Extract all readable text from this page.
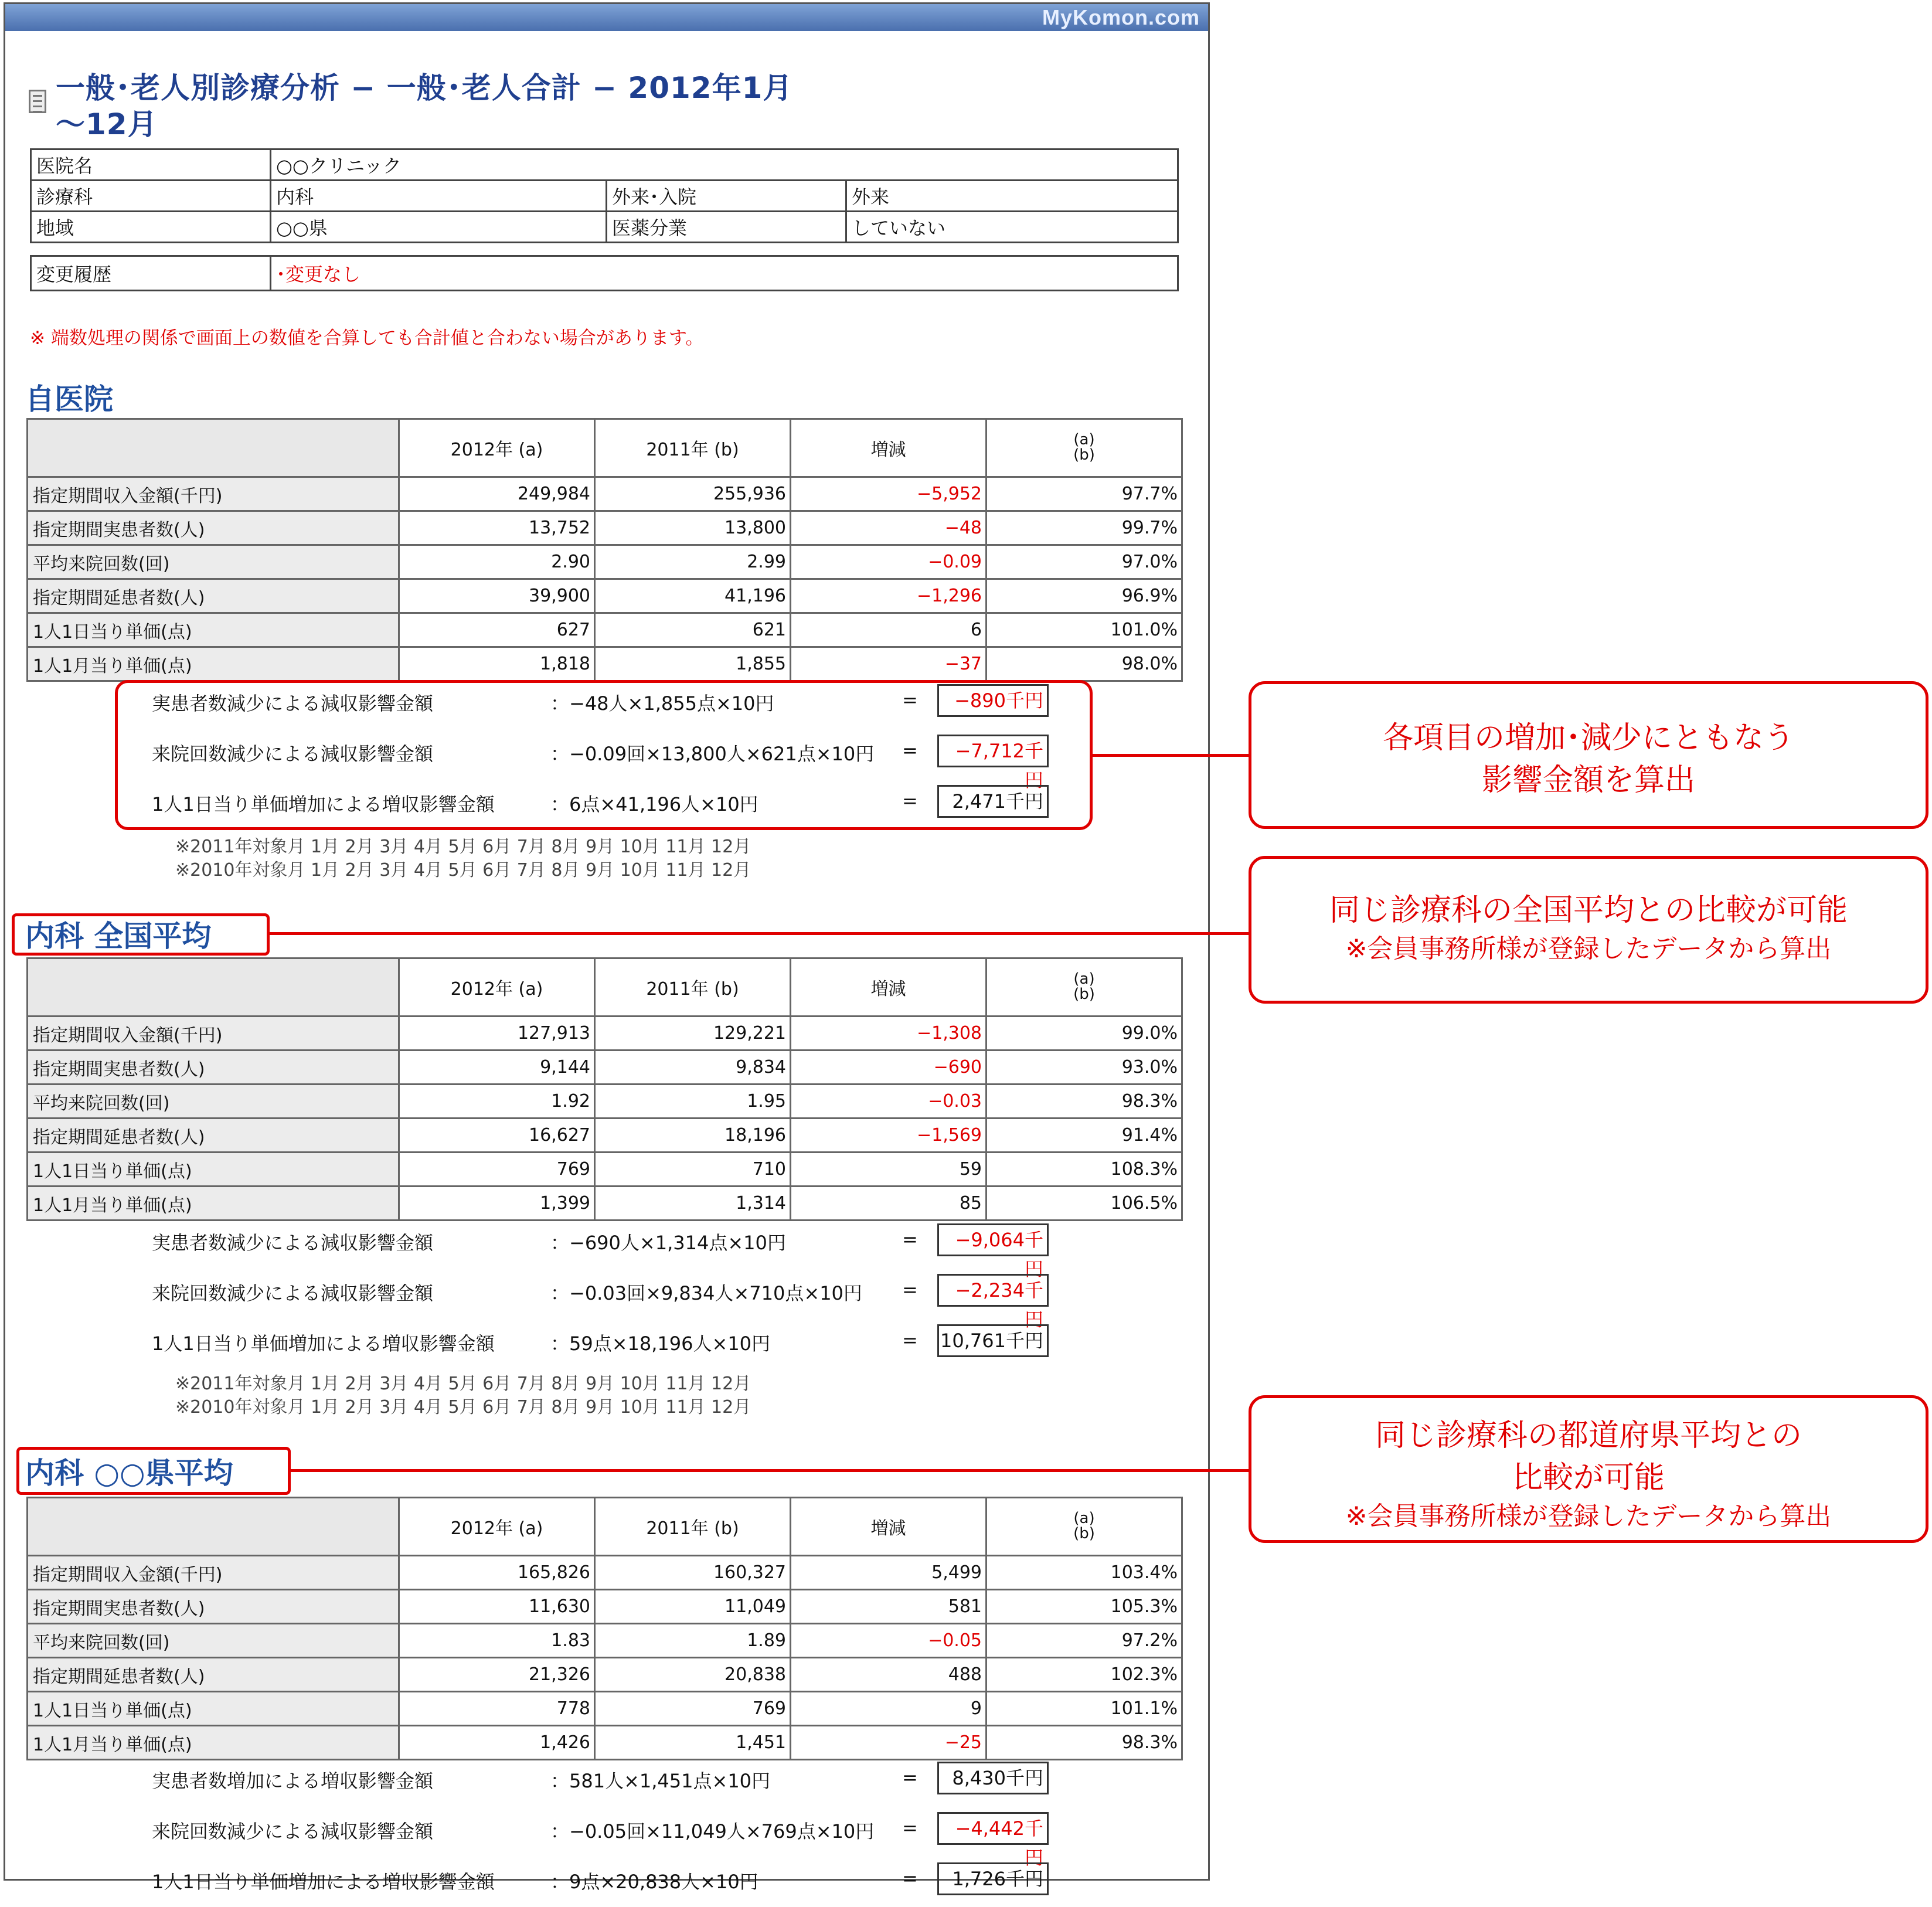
MyKomon.com
一般･老人別診療分析 − 一般･老人合計 − 2012年1月
〜12月
医院名	○○クリニック		
診療科	内科	外来･入院	外来
地域	○○県	医薬分業	していない
変更履歴	･変更なし
※ 端数処理の関係で画面上の数値を合算しても合計値と合わない場合があります。
自医院
	2012年 (a)	2011年 (b)	増減	(a)
(b)
指定期間収入金額(千円)	249,984	255,936	−5,952	97.7%
指定期間実患者数(人)	13,752	13,800	−48	99.7%
平均来院回数(回)	2.90	2.99	−0.09	97.0%
指定期間延患者数(人)	39,900	41,196	−1,296	96.9%
1人1日当り単価(点)	627	621	6	101.0%
1人1月当り単価(点)	1,818	1,855	−37	98.0%
実患者数減少による減収影響金額	：−48人×1,855点×10円	=	−890千円
来院回数減少による減収影響金額	：−0.09回×13,800人×621点×10円 =	−7,712千円
1人1日当り単価増加による増収影響金額	：6点×41,196人×10円	=	2,471千円
※2011年対象月 1月 2月 3月 4月 5月 6月 7月 8月 9月 10月 11月 12月
※2010年対象月 1月 2月 3月 4月 5月 6月 7月 8月 9月 10月 11月 12月
内科 全国平均
	2012年 (a)	2011年 (b)	増減	(a)
(b)
指定期間収入金額(千円)	127,913	129,221	−1,308	99.0%
指定期間実患者数(人)	9,144	9,834	−690	93.0%
平均来院回数(回)	1.92	1.95	−0.03	98.3%
指定期間延患者数(人)	16,627	18,196	−1,569	91.4%
1人1日当り単価(点)	769	710	59	108.3%
1人1月当り単価(点)	1,399	1,314	85	106.5%
実患者数減少による減収影響金額	：−690人×1,314点×10円	=	−9,064千円
来院回数減少による減収影響金額	：−0.03回×9,834人×710点×10円 =	−2,234千円
1人1日当り単価増加による増収影響金額	：59点×18,196人×10円	= 10,761千円
※2011年対象月 1月 2月 3月 4月 5月 6月 7月 8月 9月 10月 11月 12月
※2010年対象月 1月 2月 3月 4月 5月 6月 7月 8月 9月 10月 11月 12月
内科 ○○県平均
	2012年 (a)	2011年 (b)	増減	(a)
(b)
指定期間収入金額(千円)	165,826	160,327	5,499	103.4%
指定期間実患者数(人)	11,630	11,049	581	105.3%
平均来院回数(回)	1.83	1.89	−0.05	97.2%
指定期間延患者数(人)	21,326	20,838	488	102.3%
1人1日当り単価(点)	778	769	9	101.1%
1人1月当り単価(点)	1,426	1,451	−25	98.3%
実患者数増加による増収影響金額	：581人×1,451点×10円	=	8,430千円
来院回数減少による減収影響金額	：−0.05回×11,049人×769点×10円 =	−4,442千円
1人1日当り単価増加による増収影響金額	：9点×20,838人×10円	=	1,726千円
各項目の増加･減少にともなう
影響金額を算出
同じ診療科の全国平均との比較が可能
※会員事務所様が登録したデータから算出
同じ診療科の都道府県平均との
比較が可能
※会員事務所様が登録したデータから算出
